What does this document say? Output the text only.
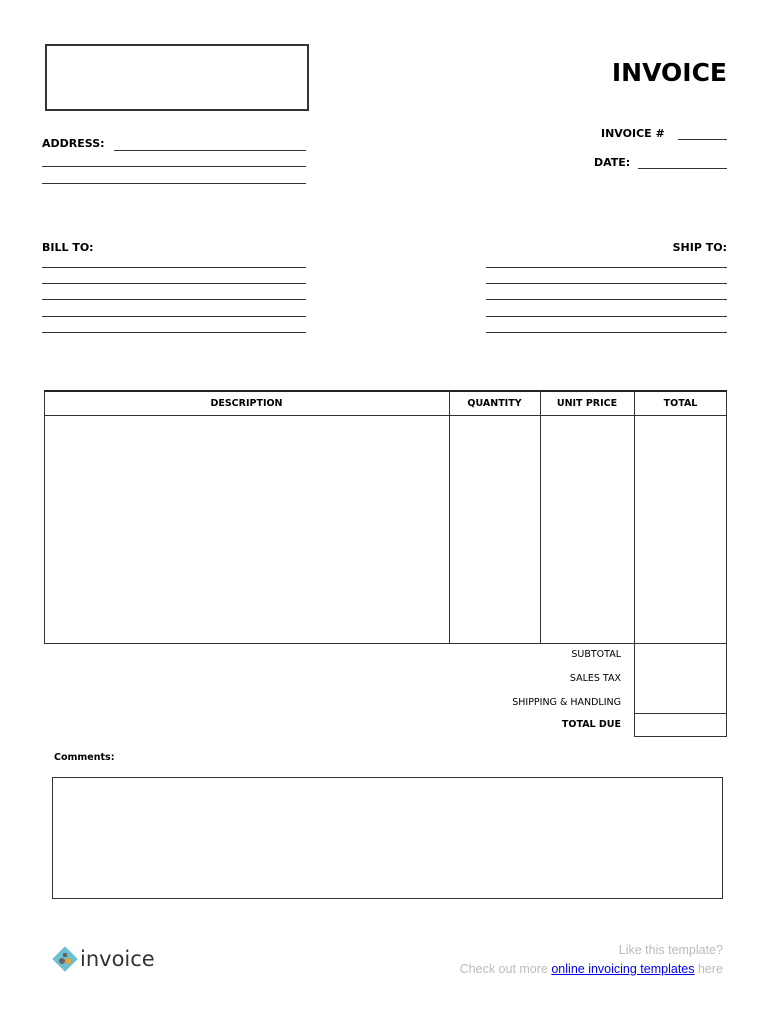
INVOICE
ADDRESS:
INVOICE #
DATE:
BILL TO:	SHIP TO:
DESCRIPTION	QUANTITY	UNIT PRICE	TOTAL
SUBTOTAL
SALES TAX
SHIPPING & HANDLING
TOTAL DUE
Comments:
invoice	Like this template?
Check out more online invoicing templates here
